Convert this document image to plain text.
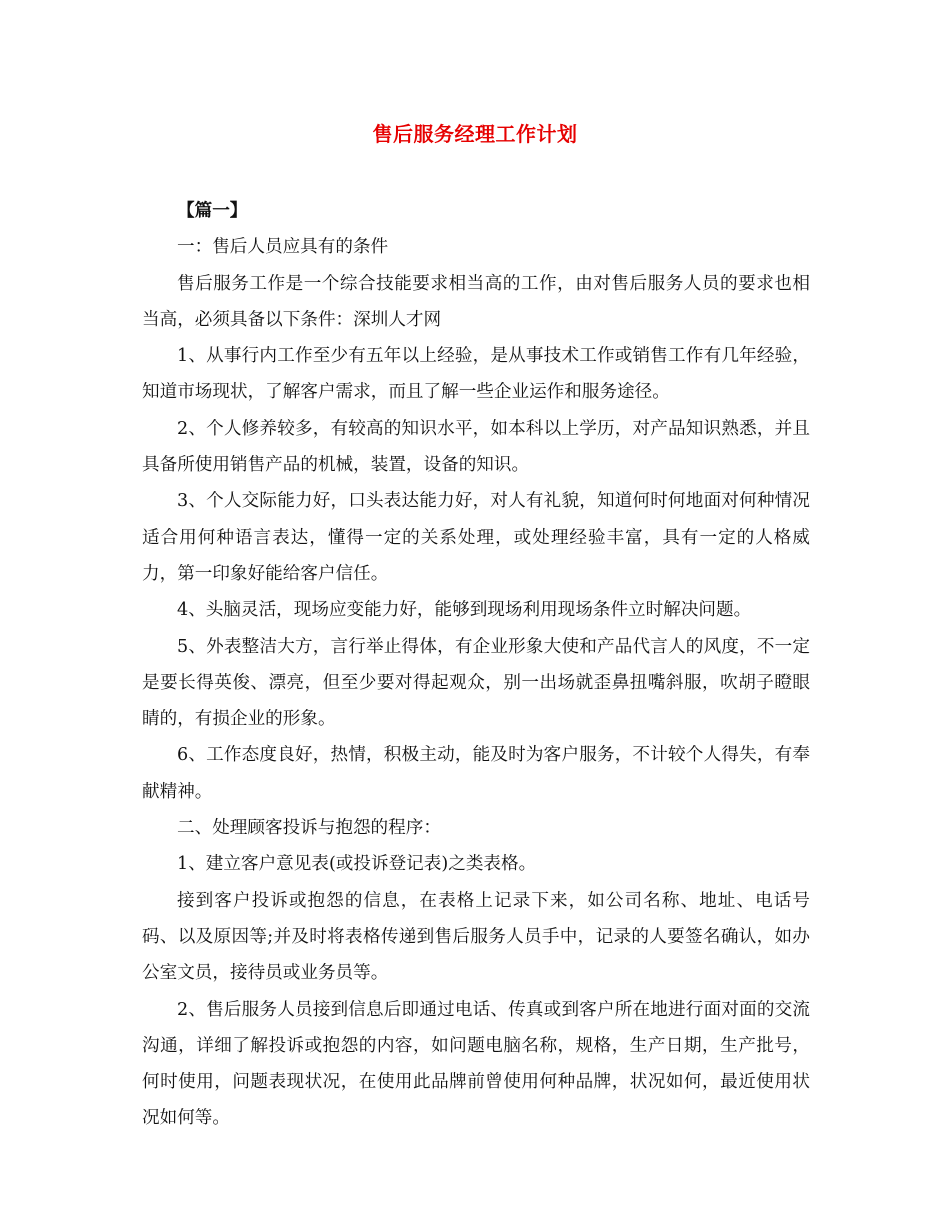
售后服务经理工作计划

【篇一】

一：售后人员应具有的条件

售后服务工作是一个综合技能要求相当高的工作，由对售后服务人员的要求也相当高，必须具备以下条件：深圳人才网

1、从事行内工作至少有五年以上经验，是从事技术工作或销售工作有几年经验，知道市场现状，了解客户需求，而且了解一些企业运作和服务途径。

2、个人修养较多，有较高的知识水平，如本科以上学历，对产品知识熟悉，并且具备所使用销售产品的机械，装置，设备的知识。

3、个人交际能力好，口头表达能力好，对人有礼貌，知道何时何地面对何种情况适合用何种语言表达，懂得一定的关系处理，或处理经验丰富，具有一定的人格威力，第一印象好能给客户信任。

4、头脑灵活，现场应变能力好，能够到现场利用现场条件立时解决问题。

5、外表整洁大方，言行举止得体，有企业形象大使和产品代言人的风度，不一定是要长得英俊、漂亮，但至少要对得起观众，别一出场就歪鼻扭嘴斜服，吹胡子瞪眼睛的，有损企业的形象。

6、工作态度良好，热情，积极主动，能及时为客户服务，不计较个人得失，有奉献精神。

二、处理顾客投诉与抱怨的程序：

1、建立客户意见表(或投诉登记表)之类表格。

接到客户投诉或抱怨的信息，在表格上记录下来，如公司名称、地址、电话号码、以及原因等;并及时将表格传递到售后服务人员手中，记录的人要签名确认，如办公室文员，接待员或业务员等。

2、售后服务人员接到信息后即通过电话、传真或到客户所在地进行面对面的交流沟通，详细了解投诉或抱怨的内容，如问题电脑名称，规格，生产日期，生产批号，何时使用，问题表现状况，在使用此品牌前曾使用何种品牌，状况如何，最近使用状况如何等。
